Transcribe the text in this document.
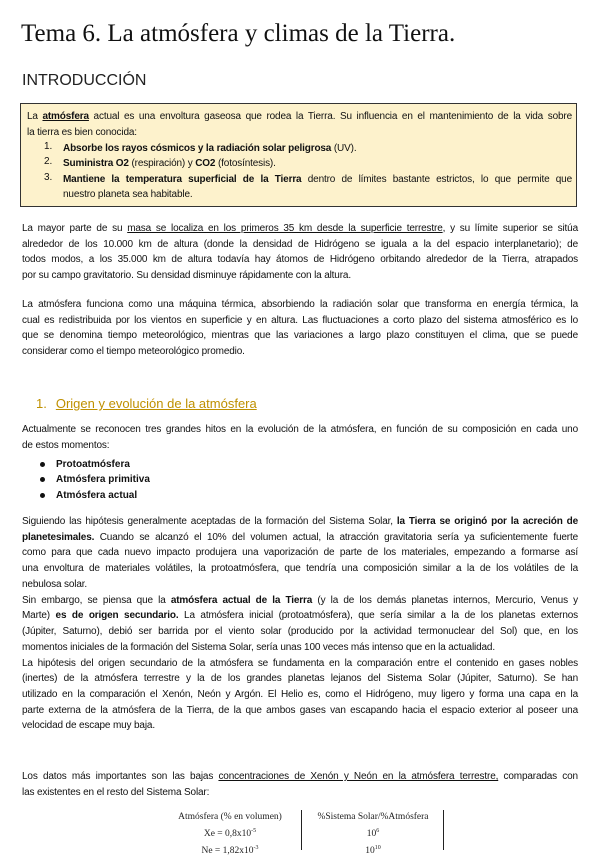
Tema 6. La atmósfera y climas de la Tierra.
INTRODUCCIÓN
La atmósfera actual es una envoltura gaseosa que rodea la Tierra. Su influencia en el mantenimiento de la vida sobre
la tierra es bien conocida:
1. Absorbe los rayos cósmicos y la radiación solar peligrosa (UV).
2. Suministra O2 (respiración) y CO2 (fotosíntesis).
3. Mantiene la temperatura superficial de la Tierra dentro de límites bastante estrictos, lo que permite que
nuestro planeta sea habitable.
La mayor parte de su masa se localiza en los primeros 35 km desde la superficie terrestre, y su límite superior se sitúa
alrededor de los 10.000 km de altura (donde la densidad de Hidrógeno se iguala a la del espacio interplanetario); de
todos modos, a los 35.000 km de altura todavía hay átomos de Hidrógeno orbitando alrededor de la Tierra, atrapados
por su campo gravitatorio. Su densidad disminuye rápidamente con la altura.
La atmósfera funciona como una máquina térmica, absorbiendo la radiación solar que transforma en energía térmica, la
cual es redistribuida por los vientos en superficie y en altura. Las fluctuaciones a corto plazo del sistema atmosférico es lo
que se denomina tiempo meteorológico, mientras que las variaciones a largo plazo constituyen el clima, que se puede
considerar como el tiempo meteorológico promedio.
1. Origen y evolución de la atmósfera
Actualmente se reconocen tres grandes hitos en la evolución de la atmósfera, en función de su composición en cada uno
de estos momentos:
Protoatmósfera
Atmósfera primitiva
Atmósfera actual
Siguiendo las hipótesis generalmente aceptadas de la formación del Sistema Solar, la Tierra se originó por la acreción de
planetesimales. Cuando se alcanzó el 10% del volumen actual, la atracción gravitatoria sería ya suficientemente fuerte
como para que cada nuevo impacto produjera una vaporización de parte de los materiales, empezando a formarse así
una envoltura de materiales volátiles, la protoatmósfera, que tendría una composición similar a la de los volátiles de la
nebulosa solar.
Sin embargo, se piensa que la atmósfera actual de la Tierra (y la de los demás planetas internos, Mercurio, Venus y
Marte) es de origen secundario. La atmósfera inicial (protoatmósfera), que sería similar a la de los planetas externos
(Júpiter, Saturno), debió ser barrida por el viento solar (producido por la actividad termonuclear del Sol) que, en los
momentos iniciales de la formación del Sistema Solar, sería unas 100 veces más intenso que en la actualidad.
La hipótesis del origen secundario de la atmósfera se fundamenta en la comparación entre el contenido en gases nobles
(inertes) de la atmósfera terrestre y la de los grandes planetas lejanos del Sistema Solar (Júpiter, Saturno). Se han
utilizado en la comparación el Xenón, Neón y Argón. El Helio es, como el Hidrógeno, muy ligero y forma una capa en la
parte externa de la atmósfera de la Tierra, de la que ambos gases van escapando hacia el espacio exterior al poseer una
velocidad de escape muy baja.
Los datos más importantes son las bajas concentraciones de Xenón y Neón en la atmósfera terrestre, comparadas con
las existentes en el resto del Sistema Solar:
Atmósfera (% en volumen)
$Xe = 0,8x10^{-5}$
$Ne = 1,82x10^{-3}$
%Sistema Solar/%Atmósfera
$10^6$
$10^{10}$
